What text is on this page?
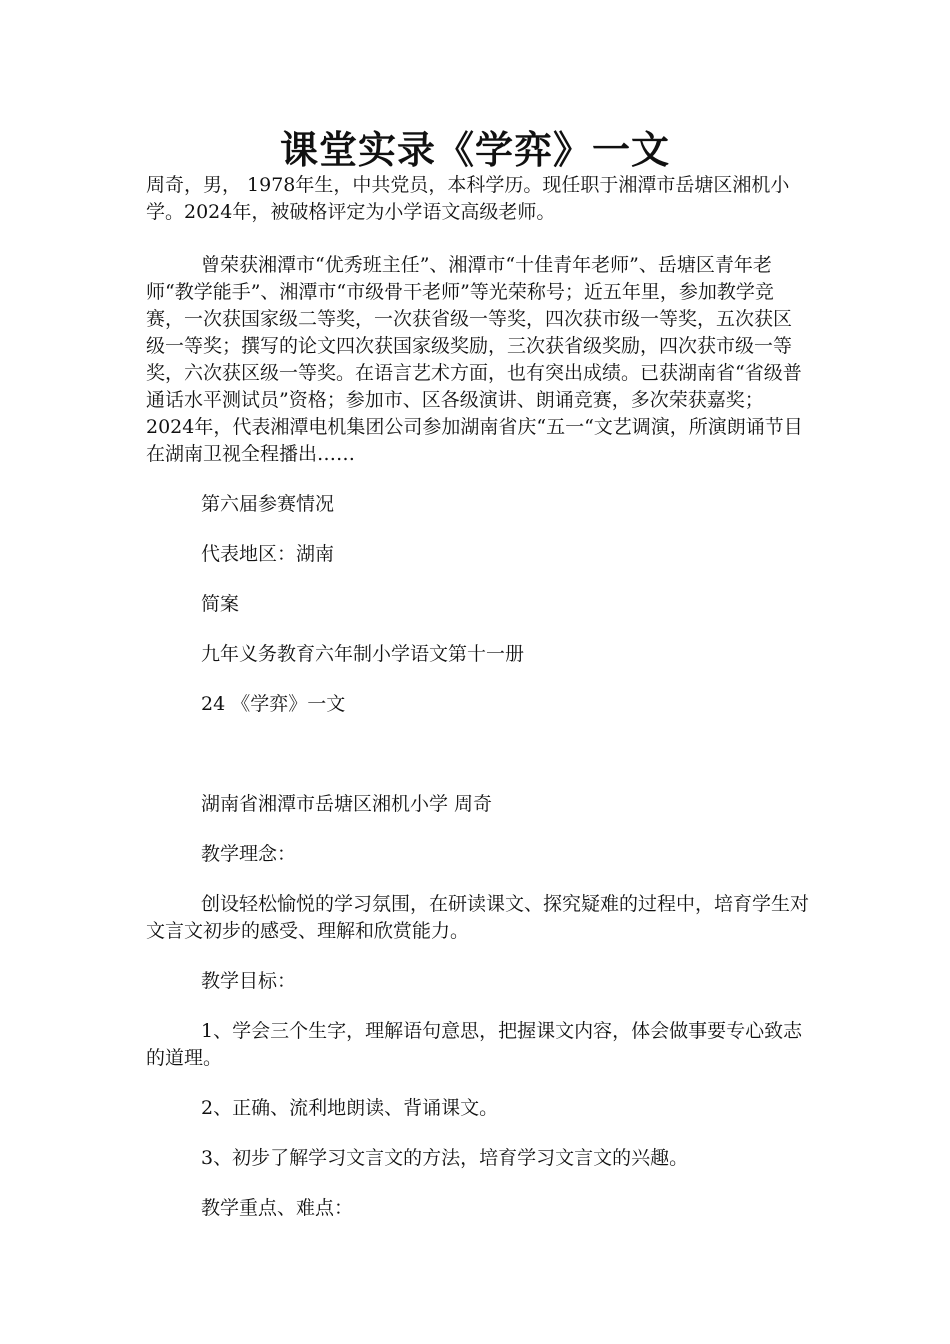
课堂实录《学弈》一文

周奇，男， 1978年生，中共党员，本科学历。现任职于湘潭市岳塘区湘机小学。2024年，被破格评定为小学语文高级老师。

曾荣获湘潭市“优秀班主任”、湘潭市“十佳青年老师”、岳塘区青年老师“教学能手”、湘潭市“市级骨干老师”等光荣称号；近五年里，参加教学竞赛，一次获国家级二等奖，一次获省级一等奖，四次获市级一等奖，五次获区级一等奖；撰写的论文四次获国家级奖励，三次获省级奖励，四次获市级一等奖，六次获区级一等奖。在语言艺术方面，也有突出成绩。已获湖南省“省级普通话水平测试员”资格；参加市、区各级演讲、朗诵竞赛，多次荣获嘉奖；2024年，代表湘潭电机集团公司参加湖南省庆“五一“文艺调演，所演朗诵节目在湖南卫视全程播出……

第六届参赛情况

代表地区：湖南

简案

九年义务教育六年制小学语文第十一册

24 《学弈》一文

湖南省湘潭市岳塘区湘机小学 周奇

教学理念：

创设轻松愉悦的学习氛围，在研读课文、探究疑难的过程中，培育学生对文言文初步的感受、理解和欣赏能力。

教学目标：

1、学会三个生字，理解语句意思，把握课文内容，体会做事要专心致志的道理。

2、正确、流利地朗读、背诵课文。

3、初步了解学习文言文的方法，培育学习文言文的兴趣。

教学重点、难点：
